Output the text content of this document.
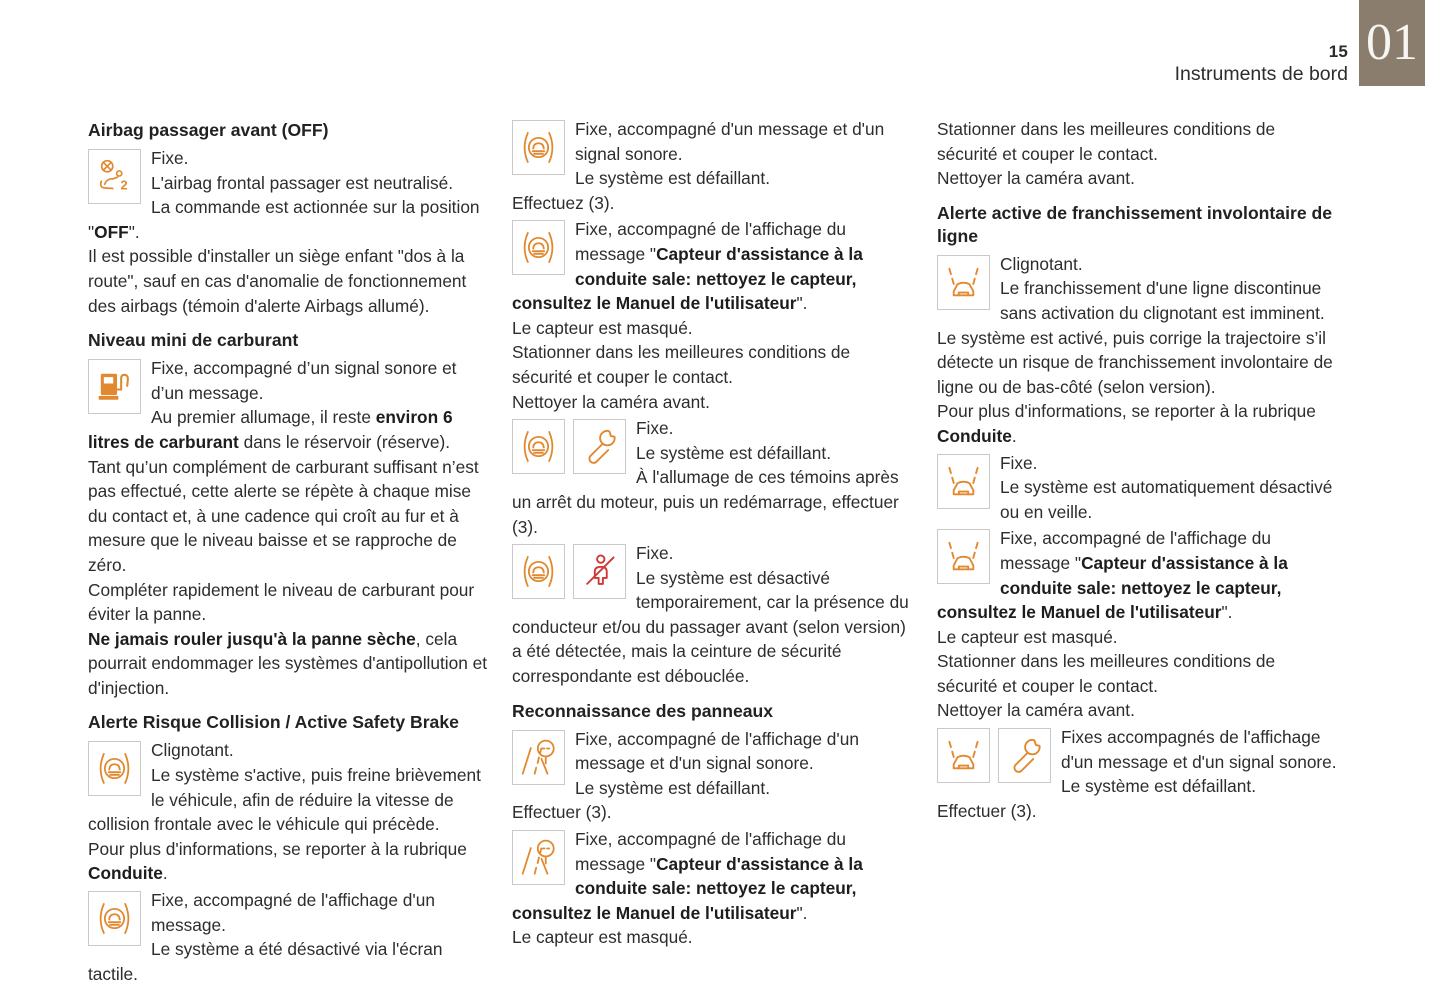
15
Instruments de bord
01
Airbag passager avant (OFF)

Fixe.

L'airbag frontal passager est neutralisé.

La commande est actionnée sur la position "OFF".

Il est possible d'installer un siège enfant "dos à la route", sauf en cas d'anomalie de fonctionnement des airbags (témoin d'alerte Airbags allumé).

Niveau mini de carburant

Fixe, accompagné d’un signal sonore et d’un message.

Au premier allumage, il reste environ 6 litres de carburant dans le réservoir (réserve).

Tant qu’un complément de carburant suffisant n’est pas effectué, cette alerte se répète à chaque mise du contact et, à une cadence qui croît au fur et à mesure que le niveau baisse et se rapproche de zéro.

Compléter rapidement le niveau de carburant pour éviter la panne.

Ne jamais rouler jusqu'à la panne sèche, cela pourrait endommager les systèmes d'antipollution et d'injection.

Alerte Risque Collision / Active Safety Brake

Clignotant.

Le système s'active, puis freine brièvement le véhicule, afin de réduire la vitesse de collision frontale avec le véhicule qui précède.

Pour plus d'informations, se reporter à la rubrique Conduite.

Fixe, accompagné de l'affichage d'un message.

Le système a été désactivé via l'écran tactile.

Fixe, accompagné d'un message et d'un signal sonore.

Le système est défaillant.

Effectuez (3).

Fixe, accompagné de l'affichage du message "Capteur d'assistance à la conduite sale: nettoyez le capteur, consultez le Manuel de l'utilisateur".

Le capteur est masqué.

Stationner dans les meilleures conditions de sécurité et couper le contact.

Nettoyer la caméra avant.

Fixe.

Le système est défaillant.

À l'allumage de ces témoins après un arrêt du moteur, puis un redémarrage, effectuer (3).

Fixe.

Le système est désactivé temporairement, car la présence du conducteur et/ou du passager avant (selon version) a été détectée, mais la ceinture de sécurité correspondante est débouclée.

Reconnaissance des panneaux

Fixe, accompagné de l'affichage d'un message et d'un signal sonore.

Le système est défaillant.

Effectuer (3).

Fixe, accompagné de l'affichage du message "Capteur d'assistance à la conduite sale: nettoyez le capteur, consultez le Manuel de l'utilisateur".

Le capteur est masqué.

Stationner dans les meilleures conditions de sécurité et couper le contact.

Nettoyer la caméra avant.

Alerte active de franchissement involontaire de ligne

Clignotant.

Le franchissement d'une ligne discontinue sans activation du clignotant est imminent.

Le système est activé, puis corrige la trajectoire s’il détecte un risque de franchissement involontaire de ligne ou de bas-côté (selon version).

Pour plus d'informations, se reporter à la rubrique Conduite.

Fixe.

Le système est automatiquement désactivé ou en veille.

Fixe, accompagné de l'affichage du message "Capteur d'assistance à la conduite sale: nettoyez le capteur, consultez le Manuel de l'utilisateur".

Le capteur est masqué.

Stationner dans les meilleures conditions de sécurité et couper le contact.

Nettoyer la caméra avant.

Fixes accompagnés de l'affichage d'un message et d'un signal sonore.

Le système est défaillant.

Effectuer (3).
